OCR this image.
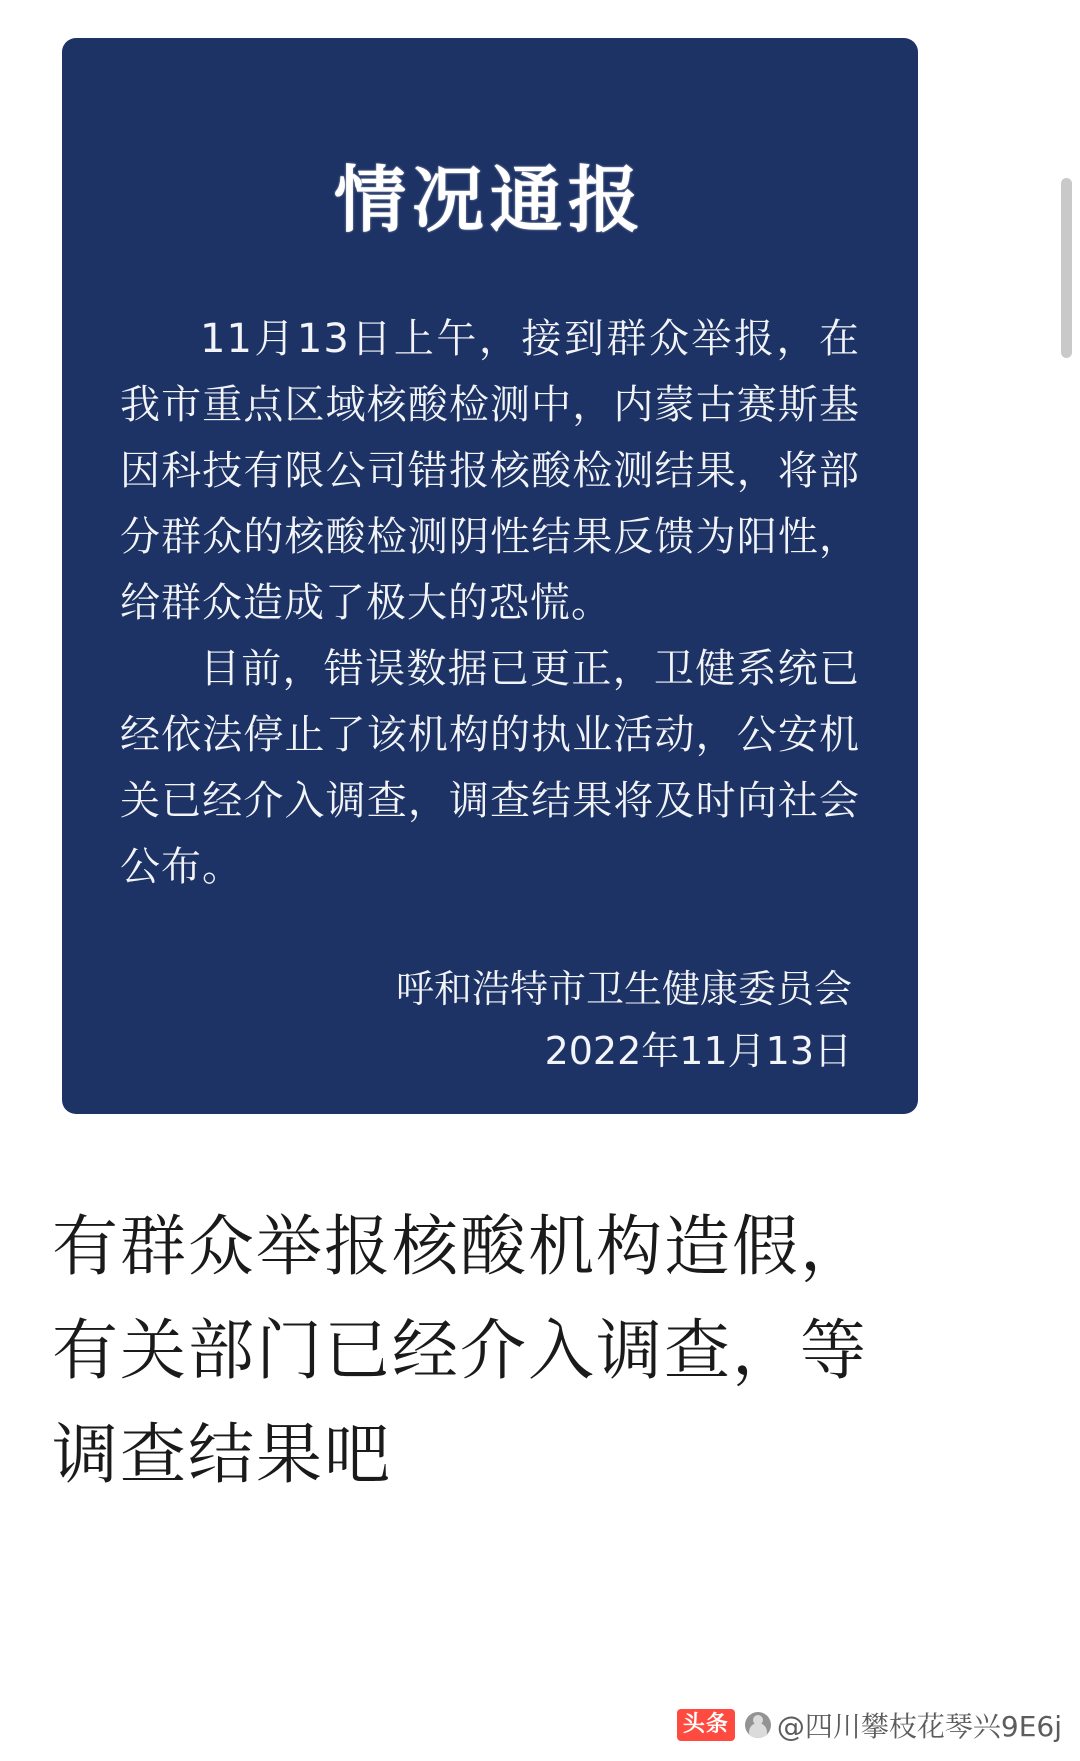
情况通报

11月13日上午，接到群众举报，在我市重点区域核酸检测中，内蒙古赛斯基因科技有限公司错报核酸检测结果，将部分群众的核酸检测阴性结果反馈为阳性，给群众造成了极大的恐慌。

目前，错误数据已更正，卫健系统已经依法停止了该机构的执业活动，公安机关已经介入调查，调查结果将及时向社会公布。

呼和浩特市卫生健康委员会
2022年11月13日
有群众举报核酸机构造假，有关部门已经介入调查，等调查结果吧
头条 @四川攀枝花琴兴9E6j
